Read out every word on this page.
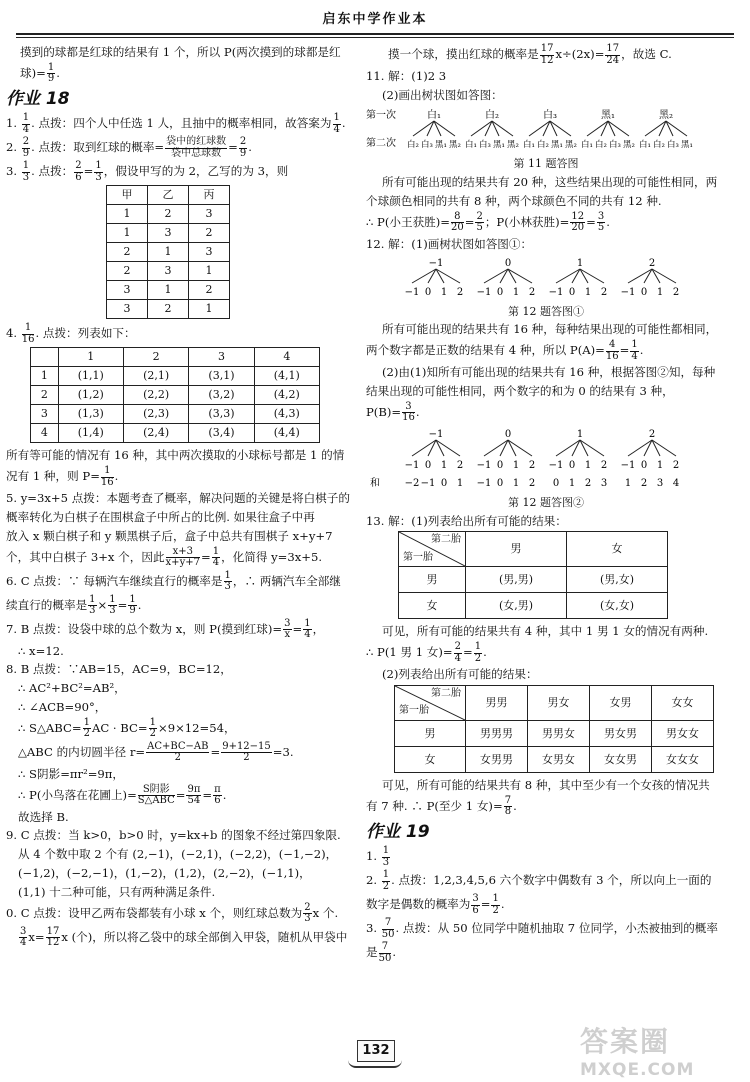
启东中学作业本

摸到的球都是红球的结果有 1 个，所以 P(两次摸到的球都是红

球)= $\frac{1}{9}$ .

作业 18

1. $\frac{1}{4}$ . 点拨：四个人中任选 1 人，且抽中的概率相同，故答案为 $\frac{1}{4}$ .

2. $\frac{2}{9}$ . 点拨：取到红球的概率= $\frac{\text{袋中的红球数}}{\text{袋中总球数}} = \frac{2}{9}$ .

3. $\frac{1}{3}$ . 点拨： $\frac{2}{6} = \frac{1}{3}$ ，假设甲写的为 2，乙写的为 3，则

甲	乙	丙
1	2	3
1	3	2
2	1	3
2	3	1
3	1	2
3	2	1

4. $\frac{1}{16}$ . 点拨：列表如下：

	1	2	3	4
1	(1,1)	(2,1)	(3,1)	(4,1)
2	(1,2)	(2,2)	(3,2)	(4,2)
3	(1,3)	(2,3)	(3,3)	(4,3)
4	(1,4)	(2,4)	(3,4)	(4,4)

所有等可能的情况有 16 种，其中两次摸取的小球标号都是 1 的情

况有 1 种，则 $P= \frac{1}{16}$ .

5. y=3x+5 点拨：本题考查了概率，解决问题的关键是将白棋子的

概率转化为白棋子在围棋盒子中所占的比例. 如果往盒子中再

放入 x 颗白棋子和 y 颗黑棋子后，盒子中总共有围棋子 x+y+7

个，其中白棋子 3+x 个，因此 $\frac{x+3}{x+y+7} = \frac{1}{4}$ ，化简得 y=3x+5.

6. C 点拨：∵ 每辆汽车继续直行的概率是 $\frac{1}{3}$ ，∴ 两辆汽车全部继

续直行的概率是 $\frac{1}{3} \times \frac{1}{3} = \frac{1}{9}$ .

7. B 点拨：设袋中球的总个数为 x，则 P(摸到红球)= $\frac{3}{x} = \frac{1}{4}$ ，

∴ x=12.

8. B 点拨：∵AB=15，AC=9，BC=12，

∴ AC²+BC²=AB²，

∴ ∠ACB=90°，

∴ S△ABC= $\frac{1}{2}$ AC · $BC= \frac{1}{2} \times 9\times 12=54$，

△ABC 的内切圆半径 $r= \frac{AC+BC-AB}{2} = \frac{9+12-15}{2} =3$.

∴ S阴影=πr²=9π，

∴ P(小鸟落在花圃上)= $\frac{\text{S阴影}}{\text{S△ABC}} = \frac{9\pi}{54} = \frac{\pi}{6}$ .

故选择 B.

9. C 点拨：当 k>0，b>0 时，y=kx+b 的图象不经过第四象限.

从 4 个数中取 2 个有 (2,−1)，(−2,1)，(−2,2)，(−1,−2)，

(−1,2)，(−2,−1)，(1,−2)，(1,2)，(2,−2)，(−1,1)，

(1,1) 十二种可能，只有两种满足条件.

0. C 点拨：设甲乙两布袋都装有小球 x 个，则红球总数为 $\frac{2}{3}$ x 个.

$\frac{3}{4} x= \frac{17}{12}$ x (个)，所以将乙袋中的球全部倒入甲袋，随机从甲袋中

摸一个球，摸出红球的概率是 $\frac{17}{12} x\div(2x)= \frac{17}{24}$ ，故选 C.

11. 解：(1)2 3

(2)画出树状图如答图：

第一次
第二次
白₁
白₂ 白₃ 黑₁ 黑₂
白₂
白₁ 白₃ 黑₁ 黑₂
白₃
白₁ 白₂ 黑₁ 黑₂
黑₁
白₁ 白₂ 白₃ 黑₂
黑₂
白₁ 白₂ 白₃ 黑₁

第 11 题答图

所有可能出现的结果共有 20 种，这些结果出现的可能性相同，两

个球颜色相同的共有 8 种，两个球颜色不同的共有 12 种.

∴ P(小王获胜)= $\frac{8}{20} = \frac{2}{5}$ ；P(小林获胜)= $\frac{12}{20} = \frac{3}{5}$ .

12. 解：(1)画树状图如答图①：

−1
−1 0 1 2
0
−1 0 1 2
1
−1 0 1 2
2
−1 0 1 2

第 12 题答图①

所有可能出现的结果共有 16 种，每种结果出现的可能性都相同，

两个数字都是正数的结果有 4 种，所以 $P(A)= \frac{4}{16} = \frac{1}{4}$ .

(2)由(1)知所有可能出现的结果共有 16 种，根据答图②知，每种

结果出现的可能性相同，两个数字的和为 0 的结果有 3 种，

$P(B)= \frac{3}{16}$ .

和
−1
−1
−2
0
−1
1
0
2
1
0
−1
−1
0
0
1
1
2
2
1
−1
0
0
1
1
2
2
3
2
−1
1
0
2
1
3
2
4

第 12 题答图②

13. 解：(1)列表给出所有可能的结果：

第二胎
第一胎	男	女
男	(男,男)	(男,女)
女	(女,男)	(女,女)

可见，所有可能的结果共有 4 种，其中 1 男 1 女的情况有两种.

∴ P(1 男 1 女)= $\frac{2}{4} = \frac{1}{2}$ .

(2)列表给出所有可能的结果：

第二胎
第一胎	男男	男女	女男	女女
男	男男男	男男女	男女男	男女女
女	女男男	女男女	女女男	女女女

可见，所有可能的结果共有 8 种，其中至少有一个女孩的情况共

有 7 种. ∴ P(至少 1 女)= $\frac{7}{8}$ .

作业 19

1. $\frac{1}{3}$

2. $\frac{1}{2}$ . 点拨：1,2,3,4,5,6 六个数字中偶数有 3 个，所以向上一面的

数字是偶数的概率为 $\frac{3}{6} = \frac{1}{2}$ .

3. $\frac{7}{50}$ . 点拨：从 50 位同学中随机抽取 7 位同学，小杰被抽到的概率

是 $\frac{7}{50}$ .

132	答案圈
MXQE.COM
